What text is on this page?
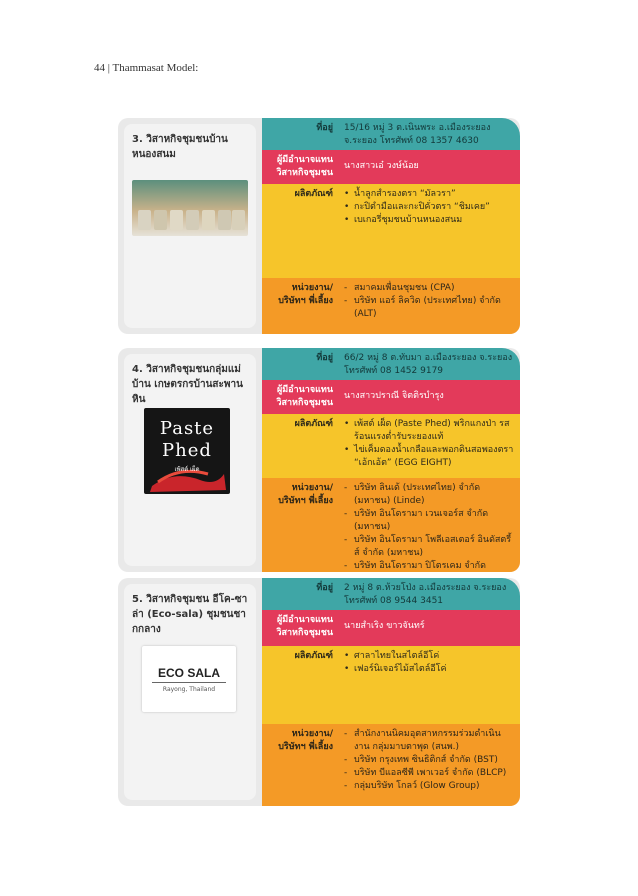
44 | Thammasat Model:
3. วิสาหกิจชุมชนบ้าน หนองสนม
ที่อยู่	15/16 หมู่ 3 ต.เนินพระ อ.เมืองระยอง จ.ระยอง โทรศัพท์ 08 1357 4630
ผู้มีอำนาจแทน วิสาหกิจชุมชน
นางสาวเอ๋ วงษ์น้อย
ผลิตภัณฑ์	• น้ำลูกสำรองตรา “มัลวรา”
• กะปิตำมือและกะปิคั่วตรา “ชิมเคย”
• เบเกอรี่ชุมชนบ้านหนองสนม
หน่วยงาน/ บริษัทฯ พี่เลี้ยง
- สมาคมเพื่อนชุมชน (CPA)
- บริษัท แอร์ ลิควิด (ประเทศไทย) จำกัด (ALT)
4. วิสาหกิจชุมชนกลุ่มแม่บ้าน เกษตรกรบ้านสะพานหิน
Paste
Phed
เพ้สต์ เผ็ด
ที่อยู่	66/2 หมู่ 8 ต.ทับมา อ.เมืองระยอง จ.ระยอง โทรศัพท์ 08 1452 9179
ผู้มีอำนาจแทน วิสาหกิจชุมชน
นางสาวปราณี จิตติรบำรุง
ผลิตภัณฑ์	• เพ้สต์ เผ็ด (Paste Phed) พริกแกงป่า รสร้อนแรงต่ำรับระยองแท้
• ไข่เค็มดองน้ำเกลือและพอกดินสอพองตรา “เอ้กเอ้ต” (EGG EIGHT)
หน่วยงาน/ บริษัทฯ พี่เลี้ยง
- บริษัท ลินเด้ (ประเทศไทย) จำกัด (มหาชน) (Linde)
- บริษัท อินโดรามา เวนเจอร์ส จำกัด (มหาชน)
- บริษัท อินโดรามา โพลีเอสเตอร์ อินดัสตรี้ส์ จำกัด (มหาชน)
- บริษัท อินโดรามา ปิโตรเคม จำกัด
5. วิสาหกิจชุมชน อีโค-ซาล่า (Eco-sala) ชุมชนชากกลาง
ECO SALA
Rayong, Thailand
ที่อยู่	2 หมู่ 8 ต.ห้วยโป่ง อ.เมืองระยอง จ.ระยอง โทรศัพท์ 08 9544 3451
ผู้มีอำนาจแทน วิสาหกิจชุมชน
นายสำเริง ขาวจันทร์
ผลิตภัณฑ์	• ศาลาไทยในสไตล์อีโค่
• เฟอร์นิเจอร์ไม้สไตล์อีโค่
หน่วยงาน/ บริษัทฯ พี่เลี้ยง
- สำนักงานนิคมอุตสาหกรรมร่วมดำเนินงาน กลุ่มมาบตาพุด (สนพ.)
- บริษัท กรุงเทพ ซินธิติกส์ จำกัด (BST)
- บริษัท บีแอลซีพี เพาเวอร์ จำกัด (BLCP)
- กลุ่มบริษัท โกลว์ (Glow Group)
